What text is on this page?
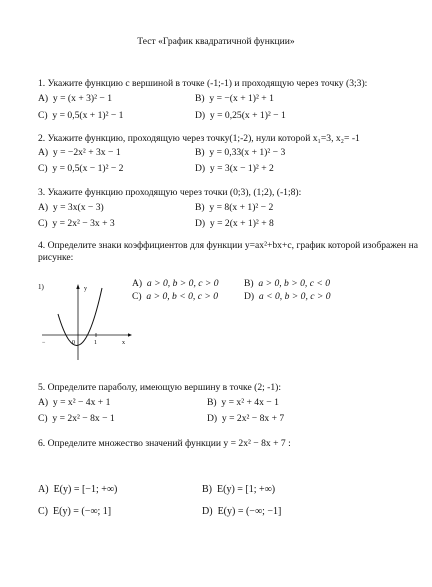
Тест «График квадратичной функции»
1. Укажите функцию с вершиной в точке (-1;-1) и проходящую через точку (3;3):
A) y = (x + 3)² − 1	B) y = −(x + 1)² + 1
C) y = 0,5(x + 1)² − 1	D) y = 0,25(x + 1)² − 1
2. Укажите функцию, проходящую через точку(1;-2), нули которой x₁=3, x₂= -1
A) y = −2x² + 3x − 1	B) y = 0,33(x + 1)² − 3
C) y = 0,5(x − 1)² − 2	D) y = 3(x − 1)² + 2
3. Укажите функцию проходящую через точки (0;3), (1;2), (-1;8):
A) y = 3x(x − 3)	B) y = 8(x + 1)² − 2
C) y = 2x² − 3x + 3	D) y = 2(x + 1)² + 8
4. Определите знаки коэффициентов для функции y=ax²+bx+c, график которой изображен на рисунке:
1)	y
x
0	1
−
A) a > 0, b > 0, c > 0	B) a > 0, b > 0, c < 0
C) a > 0, b < 0, c > 0	D) a < 0, b > 0, c > 0
5. Определите параболу, имеющую вершину в точке (2; -1):
A) y = x² − 4x + 1	B) y = x² + 4x − 1
C) y = 2x² − 8x − 1	D) y = 2x² − 8x + 7
6. Определите множество значений функции y = 2x² − 8x + 7 :
A) E(y) = [−1; +∞)	B) E(y) = [1; +∞)
C) E(y) = (−∞; 1]	D) E(y) = (−∞; −1]
